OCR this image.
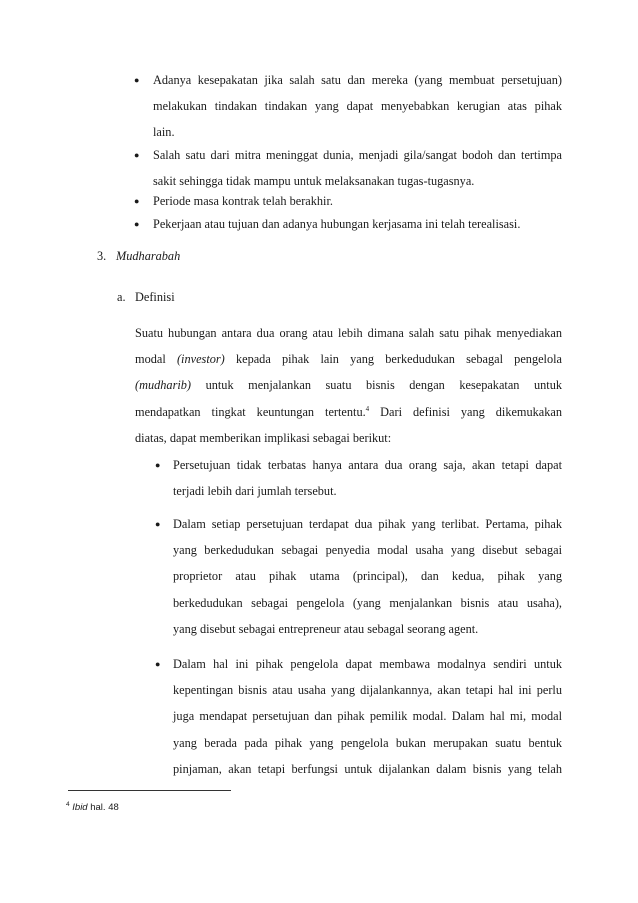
● Adanya kesepakatan jika salah satu dan mereka (yang membuat persetujuan)
melakukan tindakan tindakan yang dapat menyebabkan kerugian atas pihak
lain.
● Salah satu dari mitra meninggat dunia, menjadi gila/sangat bodoh dan tertimpa
sakit sehingga tidak mampu untuk melaksanakan tugas-tugasnya.
● Periode masa kontrak telah berakhir.
● Pekerjaan atau tujuan dan adanya hubungan kerjasama ini telah terealisasi.
3. Mudharabah
a. Definisi
Suatu hubungan antara dua orang atau lebih dimana salah satu pihak menyediakan
modal (investor) kepada pihak lain yang berkedudukan sebagal pengelola
(mudharib) untuk menjalankan suatu bisnis dengan kesepakatan untuk
mendapatkan tingkat keuntungan tertentu.$^4$ Dari definisi yang dikemukakan
diatas, dapat memberikan implikasi sebagai berikut:
● Persetujuan tidak terbatas hanya antara dua orang saja, akan tetapi dapat
terjadi lebih dari jumlah tersebut.
● Dalam setiap persetujuan terdapat dua pihak yang terlibat. Pertama, pihak
yang berkedudukan sebagai penyedia modal usaha yang disebut sebagai
proprietor atau pihak utama (principal), dan kedua, pihak yang
berkedudukan sebagai pengelola (yang menjalankan bisnis atau usaha),
yang disebut sebagai entrepreneur atau sebagal seorang agent.
● Dalam hal ini pihak pengelola dapat membawa modalnya sendiri untuk
kepentingan bisnis atau usaha yang dijalankannya, akan tetapi hal ini perlu
juga mendapat persetujuan dan pihak pemilik modal. Dalam hal mi, modal
yang berada pada pihak yang pengelola bukan merupakan suatu bentuk
pinjaman, akan tetapi berfungsi untuk dijalankan dalam bisnis yang telah
$^4$ Ibid hal. 48
